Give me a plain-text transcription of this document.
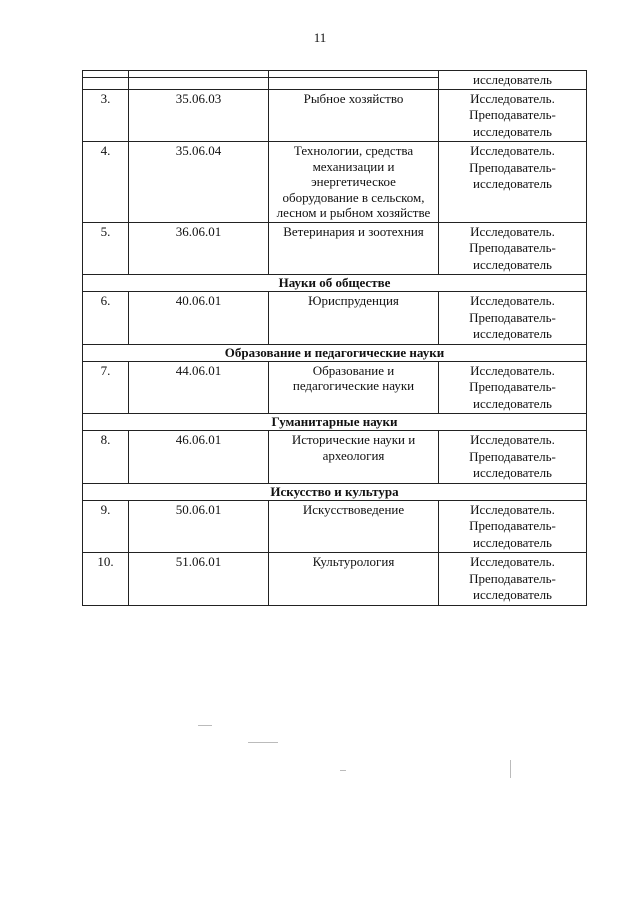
11
			исследователь

3.	35.06.03	Рыбное хозяйство	Исследователь. Преподаватель-исследователь
4.	35.06.04	Технологии, средства механизации и энергетическое оборудование в сельском, лесном и рыбном хозяйстве	Исследователь. Преподаватель-исследователь
5.	36.06.01	Ветеринария и зоотехния	Исследователь. Преподаватель-исследователь
Науки об обществе			
6.	40.06.01	Юриспруденция	Исследователь. Преподаватель-исследователь
Образование и педагогические науки			
7.	44.06.01	Образование и педагогические науки	Исследователь. Преподаватель-исследователь
Гуманитарные науки			
8.	46.06.01	Исторические науки и археология	Исследователь. Преподаватель-исследователь
Искусство и культура			
9.	50.06.01	Искусствоведение	Исследователь. Преподаватель-исследователь
10.	51.06.01	Культурология	Исследователь. Преподаватель-исследователь
